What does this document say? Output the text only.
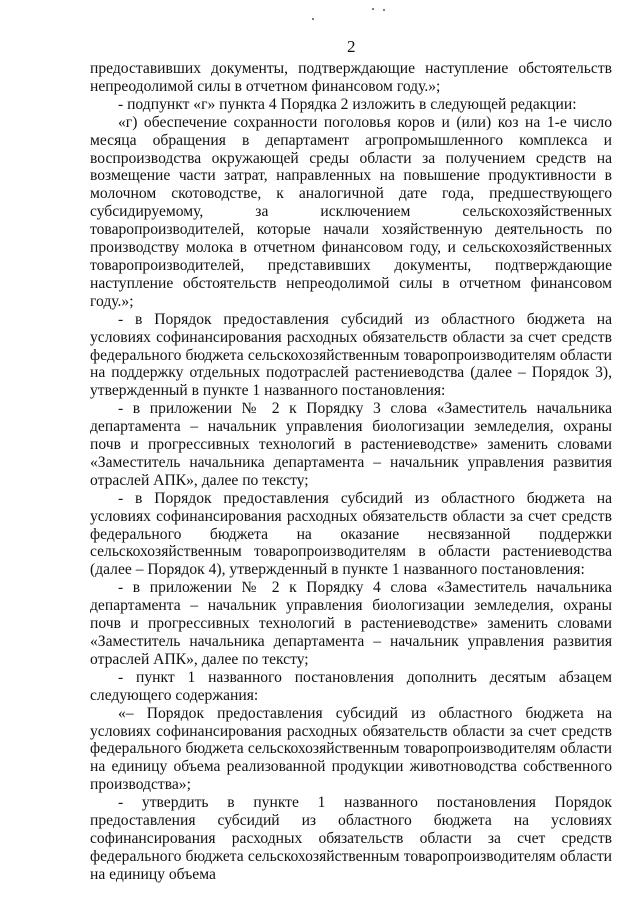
2

предоставивших документы, подтверждающие наступление обстоятельств непреодолимой силы в отчетном финансовом году.»;

- подпункт «г» пункта 4 Порядка 2 изложить в следующей редакции:

«г) обеспечение сохранности поголовья коров и (или) коз на 1-е число месяца обращения в департамент агропромышленного комплекса и воспроизводства окружающей среды области за получением средств на возмещение части затрат, направленных на повышение продуктивности в молочном скотоводстве, к аналогичной дате года, предшествующего субсидируемому, за исключением сельскохозяйственных товаропроизводителей, которые начали хозяйственную деятельность по производству молока в отчетном финансовом году, и сельскохозяйственных товаропроизводителей, представивших документы, подтверждающие наступление обстоятельств непреодолимой силы в отчетном финансовом году.»;

- в Порядок предоставления субсидий из областного бюджета на условиях софинансирования расходных обязательств области за счет средств федерального бюджета сельскохозяйственным товаропроизводителям области на поддержку отдельных подотраслей растениеводства (далее – Порядок 3), утвержденный в пункте 1 названного постановления:

- в приложении № 2 к Порядку 3 слова «Заместитель начальника департамента – начальник управления биологизации земледелия, охраны почв и прогрессивных технологий в растениеводстве» заменить словами «Заместитель начальника департамента – начальник управления развития отраслей АПК», далее по тексту;

- в Порядок предоставления субсидий из областного бюджета на условиях софинансирования расходных обязательств области за счет средств федерального бюджета на оказание несвязанной поддержки сельскохозяйственным товаропроизводителям в области растениеводства (далее – Порядок 4), утвержденный в пункте 1 названного постановления:

- в приложении № 2 к Порядку 4 слова «Заместитель начальника департамента – начальник управления биологизации земледелия, охраны почв и прогрессивных технологий в растениеводстве» заменить словами «Заместитель начальника департамента – начальник управления развития отраслей АПК», далее по тексту;

- пункт 1 названного постановления дополнить десятым абзацем следующего содержания:

«– Порядок предоставления субсидий из областного бюджета на условиях софинансирования расходных обязательств области за счет средств федерального бюджета сельскохозяйственным товаропроизводителям области на единицу объема реализованной продукции животноводства собственного производства»;

- утвердить в пункте 1 названного постановления Порядок предоставления субсидий из областного бюджета на условиях софинансирования расходных обязательств области за счет средств федерального бюджета сельскохозяйственным товаропроизводителям области на единицу объема
